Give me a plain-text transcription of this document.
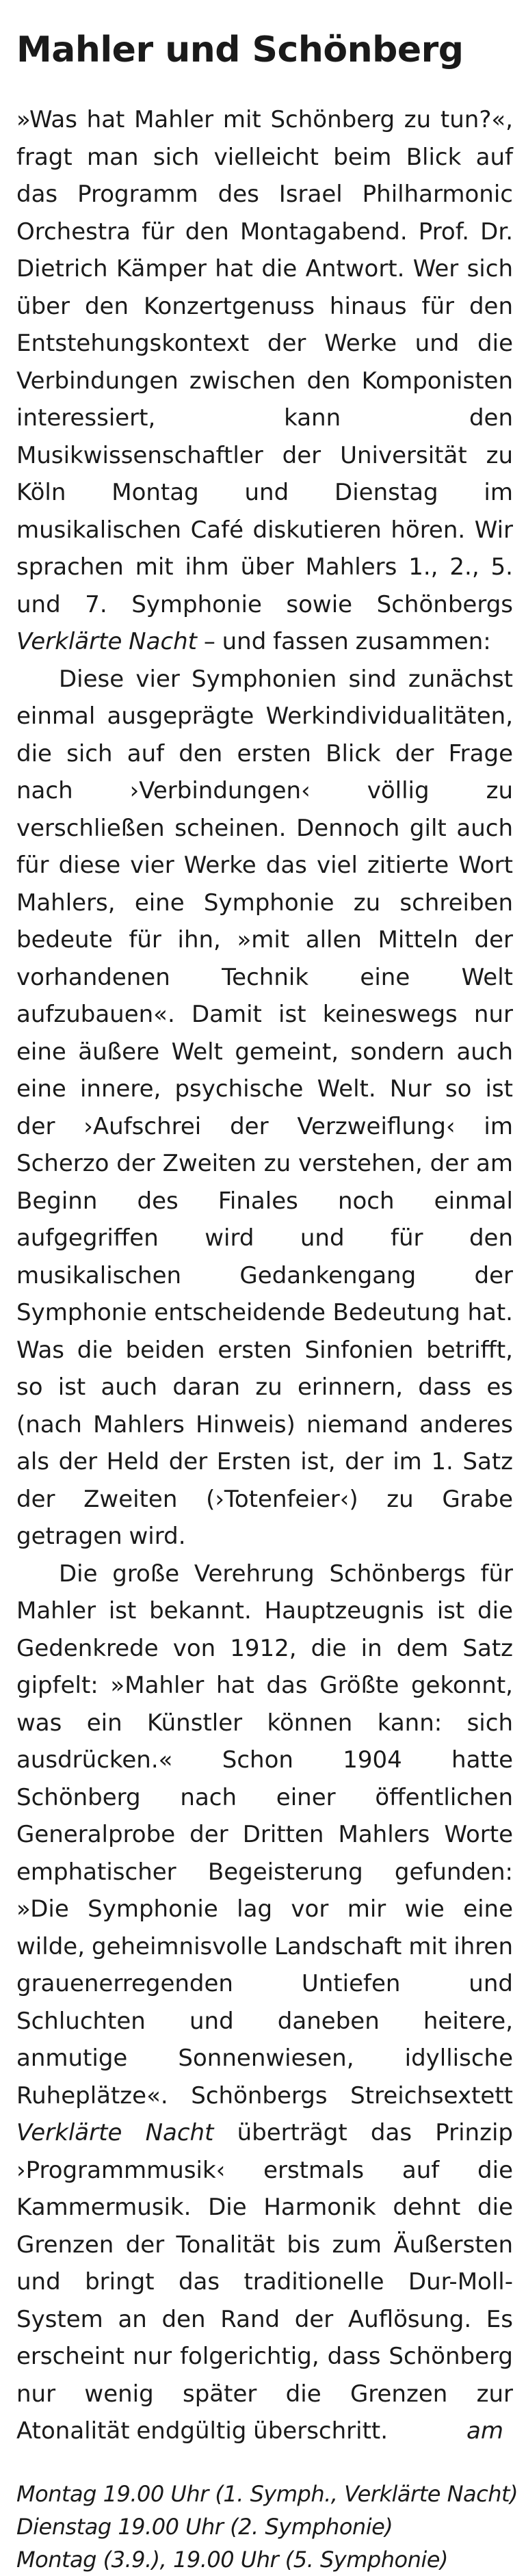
Mahler und Schönberg

»Was hat Mahler mit Schönberg zu tun?«, fragt man sich vielleicht beim Blick auf das Programm des Israel Philharmonic Orchestra für den Montagabend. Prof. Dr. Dietrich Kämper hat die Antwort. Wer sich über den Konzertgenuss hinaus für den Entstehungskontext der Werke und die Verbindungen zwischen den Komponisten interessiert, kann den Musikwissenschaftler der Universität zu Köln Montag und Dienstag im musikalischen Café diskutieren hören. Wir sprachen mit ihm über Mahlers 1., 2., 5. und 7. Symphonie sowie Schönbergs Verklärte Nacht – und fassen zusammen:

Diese vier Symphonien sind zunächst einmal ausgeprägte Werkindividualitäten, die sich auf den ersten Blick der Frage nach ›Verbindungen‹ völlig zu verschließen scheinen. Dennoch gilt auch für diese vier Werke das viel zitierte Wort Mahlers, eine Symphonie zu schreiben bedeute für ihn, »mit allen Mitteln der vorhandenen Technik eine Welt aufzubauen«. Damit ist keineswegs nur eine äußere Welt gemeint, sondern auch eine innere, psychische Welt. Nur so ist der ›Aufschrei der Verzweiflung‹ im Scherzo der Zweiten zu verstehen, der am Beginn des Finales noch einmal aufgegriffen wird und für den musikalischen Gedankengang der Symphonie entscheidende Bedeutung hat. Was die beiden ersten Sinfonien betrifft, so ist auch daran zu erinnern, dass es (nach Mahlers Hinweis) niemand anderes als der Held der Ersten ist, der im 1. Satz der Zweiten (›Totenfeier‹) zu Grabe getragen wird.

Die große Verehrung Schönbergs für Mahler ist bekannt. Hauptzeugnis ist die Gedenkrede von 1912, die in dem Satz gipfelt: »Mahler hat das Größte gekonnt, was ein Künstler können kann: sich ausdrücken.« Schon 1904 hatte Schönberg nach einer öffentlichen Generalprobe der Dritten Mahlers Worte emphatischer Begeisterung gefunden: »Die Symphonie lag vor mir wie eine wilde, geheimnisvolle Landschaft mit ihren grauenerregenden Untiefen und Schluchten und daneben heitere, anmutige Sonnenwiesen, idyllische Ruheplätze«. Schönbergs Streichsextett Verklärte Nacht überträgt das Prinzip ›Programmmusik‹ erstmals auf die Kammermusik. Die Harmonik dehnt die Grenzen der Tonalität bis zum Äußersten und bringt das traditionelle Dur-Moll-System an den Rand der Auflösung. Es erscheint nur folgerichtig, dass Schönberg nur wenig später die Grenzen zur Atonalität endgültig überschritt.	am

Montag 19.00 Uhr (1. Symph., Verklärte Nacht)
Dienstag 19.00 Uhr (2. Symphonie)
Montag (3.9.), 19.00 Uhr (5. Symphonie)
